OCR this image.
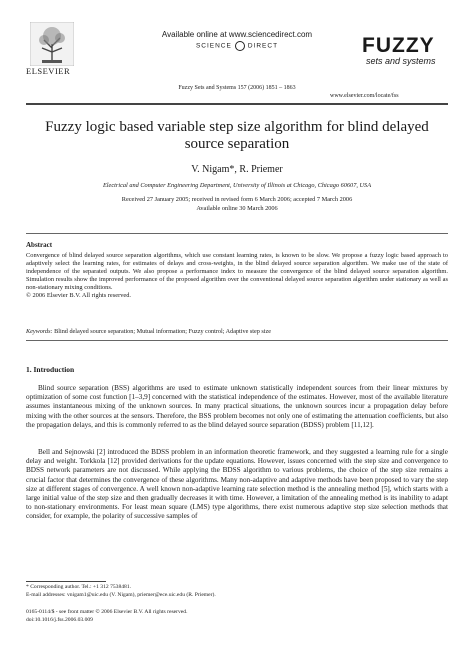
Available online at www.sciencedirect.com
SCIENCE DIRECT
ELSEVIER
Fuzzy Sets and Systems 157 (2006) 1851 – 1863
FUZZY
sets and systems
www.elsevier.com/locate/fss
Fuzzy logic based variable step size algorithm for blind delayed source separation
V. Nigam*, R. Priemer
Electrical and Computer Engineering Department, University of Illinois at Chicago, Chicago 60607, USA
Received 27 January 2005; received in revised form 6 March 2006; accepted 7 March 2006
Available online 30 March 2006
Abstract
Convergence of blind delayed source separation algorithms, which use constant learning rates, is known to be slow. We propose a fuzzy logic based approach to adaptively select the learning rates, for estimates of delays and cross-weights, in the blind delayed source separation algorithm. We make use of the state of independence of the separated outputs. We also propose a performance index to measure the convergence of the blind delayed source separation algorithm. Simulation results show the improved performance of the proposed algorithm over the conventional delayed source separation algorithm under stationary as well as non-stationary mixing conditions.
© 2006 Elsevier B.V. All rights reserved.
Keywords: Blind delayed source separation; Mutual information; Fuzzy control; Adaptive step size
1. Introduction
Blind source separation (BSS) algorithms are used to estimate unknown statistically independent sources from their linear mixtures by optimization of some cost function [1–3,9] concerned with the statistical independence of the estimates. However, most of the available literature assumes instantaneous mixing of the unknown sources. In many practical situations, the unknown sources incur a propagation delay before mixing with the other sources at the sensors. Therefore, the BSS problem becomes not only one of estimating the attenuation coefficients, but also the propagation delays, and this is commonly referred to as the blind delayed source separation (BDSS) problem [11,12].
Bell and Sejnowski [2] introduced the BDSS problem in an information theoretic framework, and they suggested a learning rule for a single delay and weight. Torkkola [12] provided derivations for the update equations. However, issues concerned with the step size and convergence to BDSS network parameters are not discussed. While applying the BDSS algorithm to various problems, the choice of the step size remains a crucial factor that determines the convergence of these algorithms. Many non-adaptive and adaptive methods have been proposed to vary the step size at different stages of convergence. A well known non-adaptive learning rate selection method is the annealing method [5], which starts with a large initial value of the step size and then gradually decreases it with time. However, a limitation of the annealing method is its inability to adapt to non-stationary environments. For least mean square (LMS) type algorithms, there exist numerous adaptive step size selection methods that consider, for example, the polarity of successive samples of
* Corresponding author. Tel.: +1 312 7538481.
E-mail addresses: vnigam1@uic.edu (V. Nigam), priemer@ece.uic.edu (R. Priemer).
0165-0114/$ - see front matter © 2006 Elsevier B.V. All rights reserved.
doi:10.1016/j.fss.2006.03.009
